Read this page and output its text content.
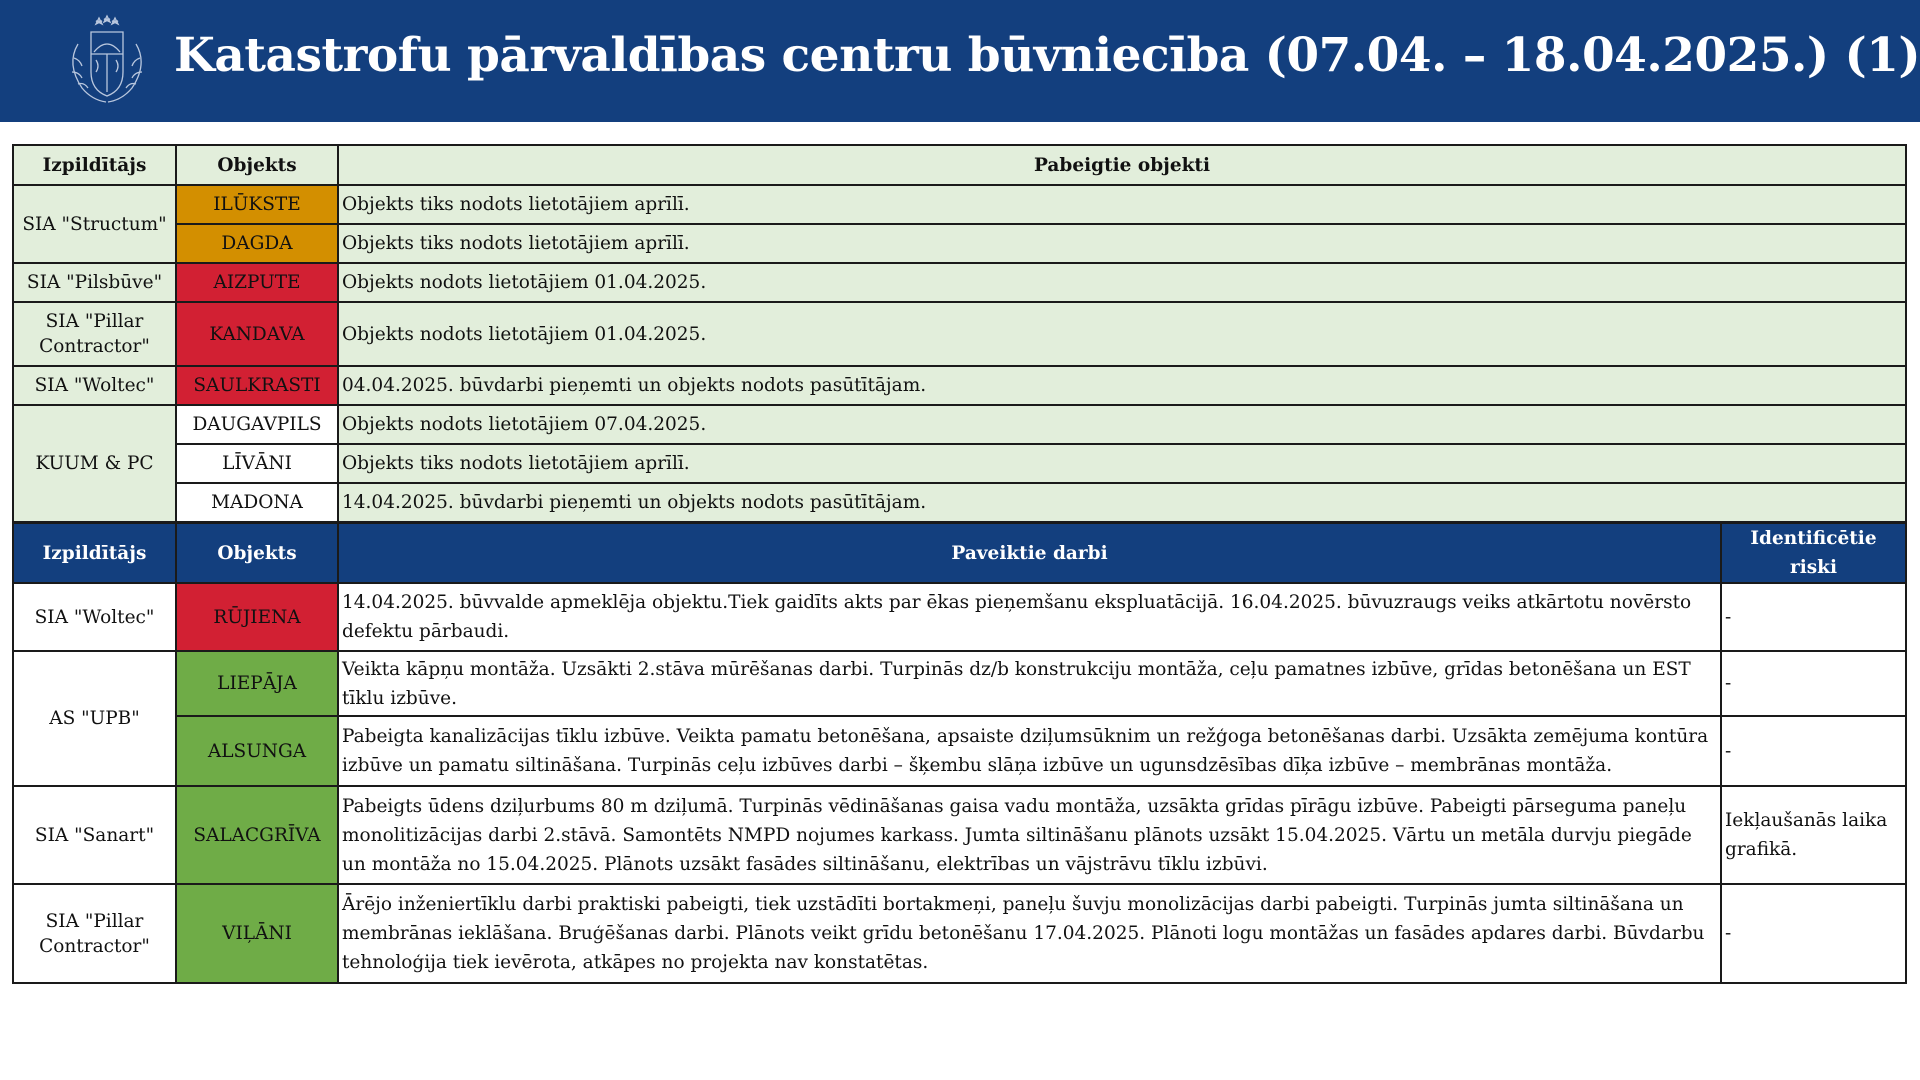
Katastrofu pārvaldības centru būvniecība (07.04. – 18.04.2025.) (1)
Izpildītājs	Objekts	Pabeigtie objekti
SIA "Structum"	ILŪKSTE	Objekts tiks nodots lietotājiem aprīlī.
	DAGDA	Objekts tiks nodots lietotājiem aprīlī.
SIA "Pilsbūve"	AIZPUTE	Objekts nodots lietotājiem 01.04.2025.
SIA "Pillar Contractor"	KANDAVA	Objekts nodots lietotājiem 01.04.2025.
SIA "Woltec"	SAULKRASTI	04.04.2025. būvdarbi pieņemti un objekts nodots pasūtītājam.
KUUM & PC	DAUGAVPILS	Objekts nodots lietotājiem 07.04.2025.
	LĪVĀNI	Objekts tiks nodots lietotājiem aprīlī.
	MADONA	14.04.2025. būvdarbi pieņemti un objekts nodots pasūtītājam.
Izpildītājs	Objekts	Paveiktie darbi	Identificētie riski
SIA "Woltec"	RŪJIENA	14.04.2025. būvvalde apmeklēja objektu.Tiek gaidīts akts par ēkas pieņemšanu ekspluatācijā. 16.04.2025. būvuzraugs veiks atkārtotu novērsto defektu pārbaudi.	-
AS "UPB"	LIEPĀJA	Veikta kāpņu montāža. Uzsākti 2.stāva mūrēšanas darbi. Turpinās dz/b konstrukciju montāža, ceļu pamatnes izbūve, grīdas betonēšana un EST tīklu izbūve.	-
	ALSUNGA	Pabeigta kanalizācijas tīklu izbūve. Veikta pamatu betonēšana, apsaiste dziļumsūknim un režģoga betonēšanas darbi. Uzsākta zemējuma kontūra izbūve un pamatu siltināšana. Turpinās ceļu izbūves darbi – šķembu slāņa izbūve un ugunsdzēsības dīķa izbūve – membrānas montāža.	-
SIA "Sanart"	SALACGRĪVA	Pabeigts ūdens dziļurbums 80 m dziļumā. Turpinās vēdināšanas gaisa vadu montāža, uzsākta grīdas pīrāgu izbūve. Pabeigti pārseguma paneļu monolitizācijas darbi 2.stāvā. Samontēts NMPD nojumes karkass. Jumta siltināšanu plānots uzsākt 15.04.2025. Vārtu un metāla durvju piegāde un montāža no 15.04.2025. Plānots uzsākt fasādes siltināšanu, elektrības un vājstrāvu tīklu izbūvi.	Iekļaušanās laika grafikā.
SIA "Pillar Contractor"	VIĻĀNI	Ārējo inženiertīklu darbi praktiski pabeigti, tiek uzstādīti bortakmeņi, paneļu šuvju monolizācijas darbi pabeigti. Turpinās jumta siltināšana un membrānas ieklāšana. Bruģēšanas darbi. Plānots veikt grīdu betonēšanu 17.04.2025. Plānoti logu montāžas un fasādes apdares darbi. Būvdarbu tehnoloģija tiek ievērota, atkāpes no projekta nav konstatētas.	-
